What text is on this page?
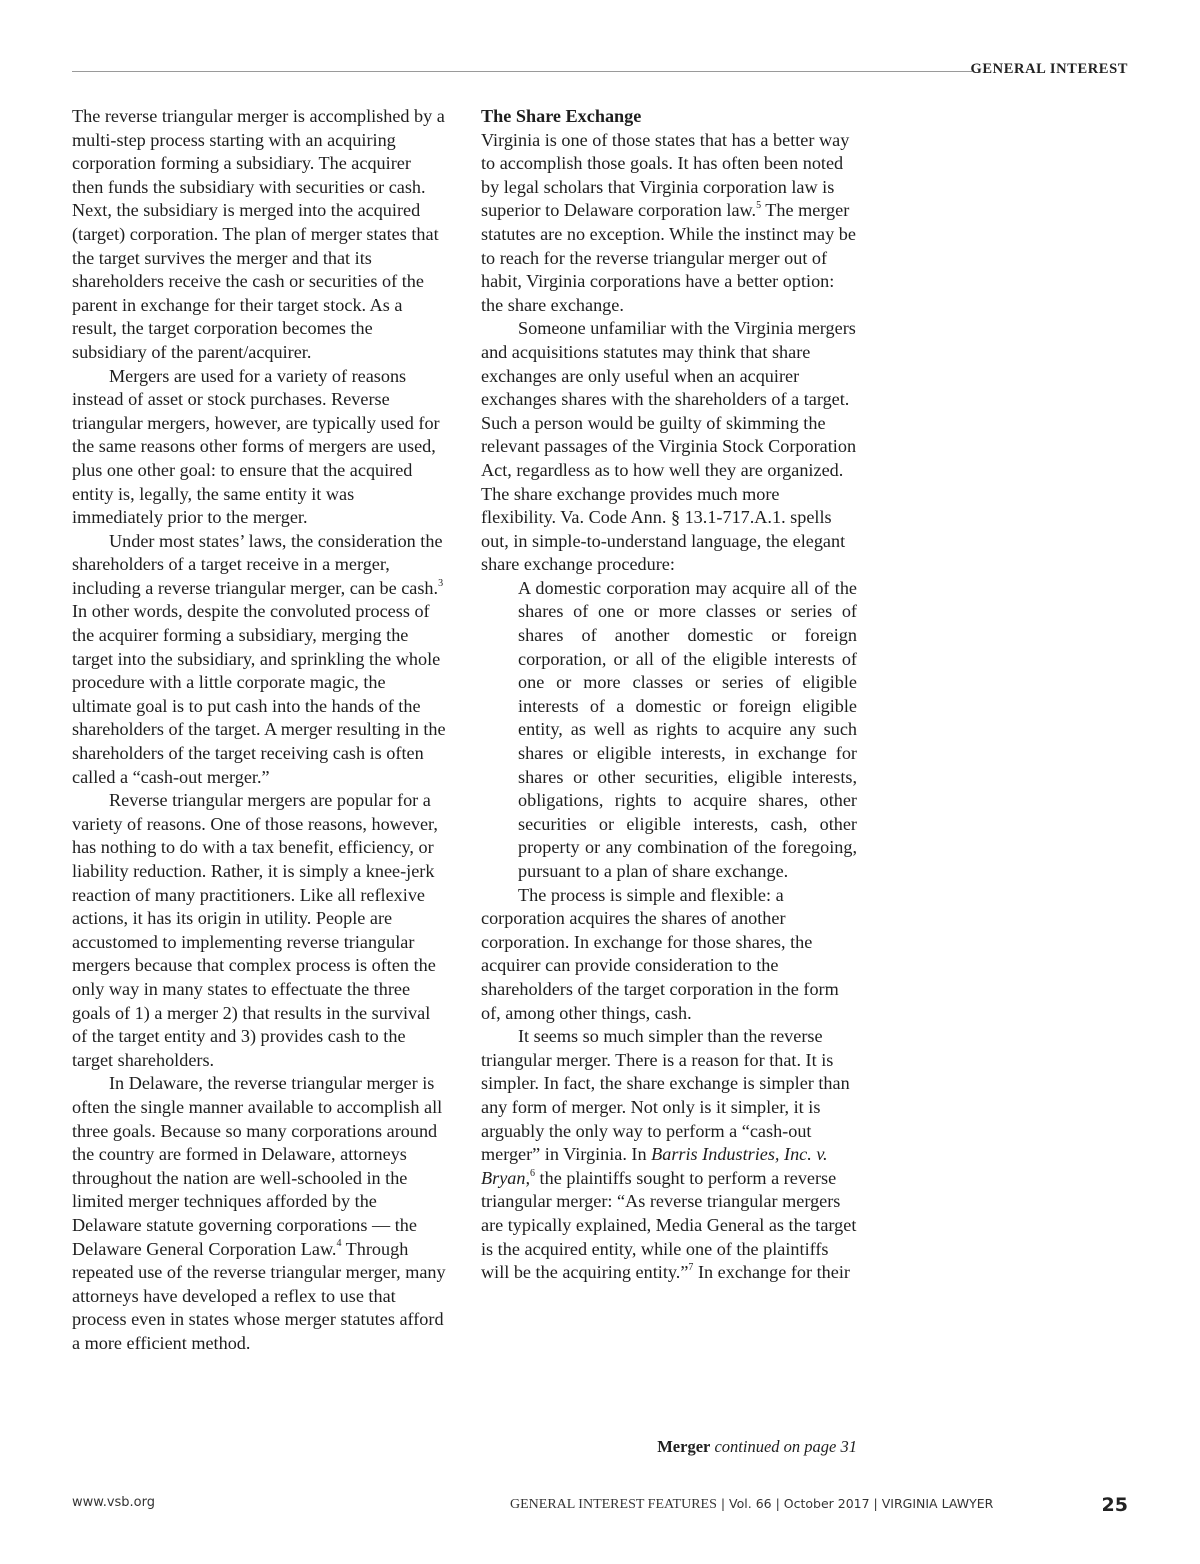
GENERAL INTEREST

The reverse triangular merger is accomplished by a multi-step process starting with an acquiring corporation forming a subsidiary. The acquirer then funds the subsidiary with securities or cash. Next, the subsidiary is merged into the acquired (target) corporation. The plan of merger states that the target survives the merger and that its shareholders receive the cash or securities of the parent in exchange for their target stock. As a result, the target corporation becomes the subsidiary of the parent/acquirer.

Mergers are used for a variety of reasons instead of asset or stock purchases. Reverse triangular mergers, however, are typically used for the same reasons other forms of mergers are used, plus one other goal: to ensure that the acquired entity is, legally, the same entity it was immediately prior to the merger.

Under most states’ laws, the consideration the shareholders of a target receive in a merger, including a reverse triangular merger, can be cash.$^3$ In other words, despite the convoluted process of the acquirer forming a subsidiary, merging the target into the subsidiary, and sprinkling the whole procedure with a little corporate magic, the ultimate goal is to put cash into the hands of the shareholders of the target. A merger resulting in the shareholders of the target receiving cash is often called a “cash-out merger.”

Reverse triangular mergers are popular for a variety of reasons. One of those reasons, however, has nothing to do with a tax benefit, efficiency, or liability reduction. Rather, it is simply a knee-jerk reaction of many practitioners. Like all reflexive actions, it has its origin in utility. People are accustomed to implementing reverse triangular mergers because that complex process is often the only way in many states to effectuate the three goals of 1) a merger 2) that results in the survival of the target entity and 3) provides cash to the target shareholders.

In Delaware, the reverse triangular merger is often the single manner available to accomplish all three goals. Because so many corporations around the country are formed in Delaware, attorneys throughout the nation are well-schooled in the limited merger techniques afforded by the Delaware statute governing corporations — the Delaware General Corporation Law.$^4$ Through repeated use of the reverse triangular merger, many attorneys have developed a reflex to use that process even in states whose merger statutes afford a more efficient method.

The Share Exchange

Virginia is one of those states that has a better way to accomplish those goals. It has often been noted by legal scholars that Virginia corporation law is superior to Delaware corporation law.$^5$ The merger statutes are no exception. While the instinct may be to reach for the reverse triangular merger out of habit, Virginia corporations have a better option: the share exchange.

Someone unfamiliar with the Virginia mergers and acquisitions statutes may think that share exchanges are only useful when an acquirer exchanges shares with the shareholders of a target. Such a person would be guilty of skimming the relevant passages of the Virginia Stock Corporation Act, regardless as to how well they are organized. The share exchange provides much more flexibility. Va. Code Ann. § 13.1-717.A.1. spells out, in simple-to-understand language, the elegant share exchange procedure:

A domestic corporation may acquire all of the shares of one or more classes or series of shares of another domestic or foreign corporation, or all of the eligible interests of one or more classes or series of eligible interests of a domestic or foreign eligible entity, as well as rights to acquire any such shares or eligible interests, in exchange for shares or other securities, eligible interests, obligations, rights to acquire shares, other securities or eligible interests, cash, other property or any combination of the foregoing, pursuant to a plan of share exchange.

The process is simple and flexible: a corporation acquires the shares of another corporation. In exchange for those shares, the acquirer can provide consideration to the shareholders of the target corporation in the form of, among other things, cash.

It seems so much simpler than the reverse triangular merger. There is a reason for that. It is simpler. In fact, the share exchange is simpler than any form of merger. Not only is it simpler, it is arguably the only way to perform a “cash-out merger” in Virginia. In Barris Industries, Inc. v. Bryan,$^6$ the plaintiffs sought to perform a reverse triangular merger: “As reverse triangular mergers are typically explained, Media General as the target is the acquired entity, while one of the plaintiffs will be the acquiring entity.”$^7$ In exchange for their

Merger continued on page 31
www.vsb.org	GENERAL INTEREST FEATURES | Vol. 66 | October 2017 | VIRGINIA LAWYER	25
